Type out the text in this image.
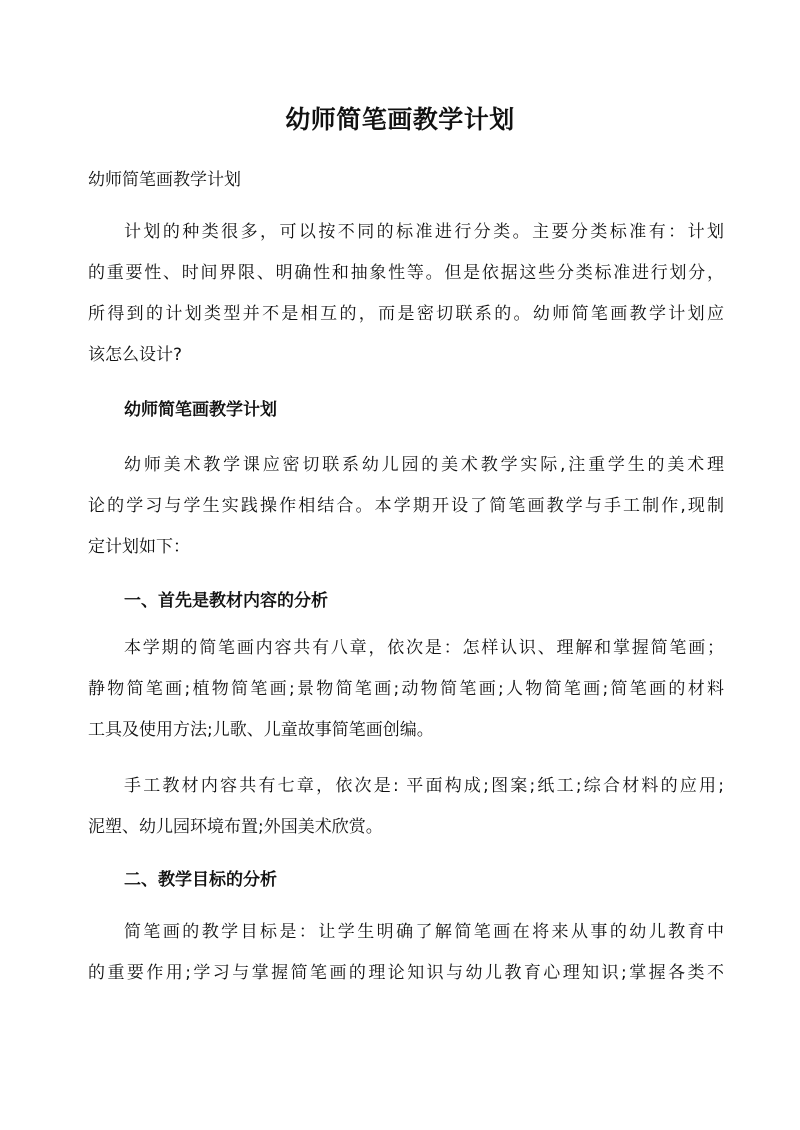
幼师简笔画教学计划
幼师简笔画教学计划
计划的种类很多，可以按不同的标准进行分类。主要分类标准有：计划
的重要性、时间界限、明确性和抽象性等。但是依据这些分类标准进行划分，
所得到的计划类型并不是相互的，而是密切联系的。幼师简笔画教学计划应
该怎么设计?
幼师简笔画教学计划
幼师美术教学课应密切联系幼儿园的美术教学实际,注重学生的美术理
论的学习与学生实践操作相结合。本学期开设了简笔画教学与手工制作,现制
定计划如下：
一、首先是教材内容的分析
本学期的简笔画内容共有八章，依次是：怎样认识、理解和掌握简笔画；
静物简笔画;植物简笔画;景物简笔画;动物简笔画;人物简笔画;简笔画的材料
工具及使用方法;儿歌、儿童故事简笔画创编。
手工教材内容共有七章，依次是: 平面构成;图案;纸工;综合材料的应用;
泥塑、幼儿园环境布置;外国美术欣赏。
二、教学目标的分析
简笔画的教学目标是：让学生明确了解简笔画在将来从事的幼儿教育中
的重要作用;学习与掌握简笔画的理论知识与幼儿教育心理知识;掌握各类不
